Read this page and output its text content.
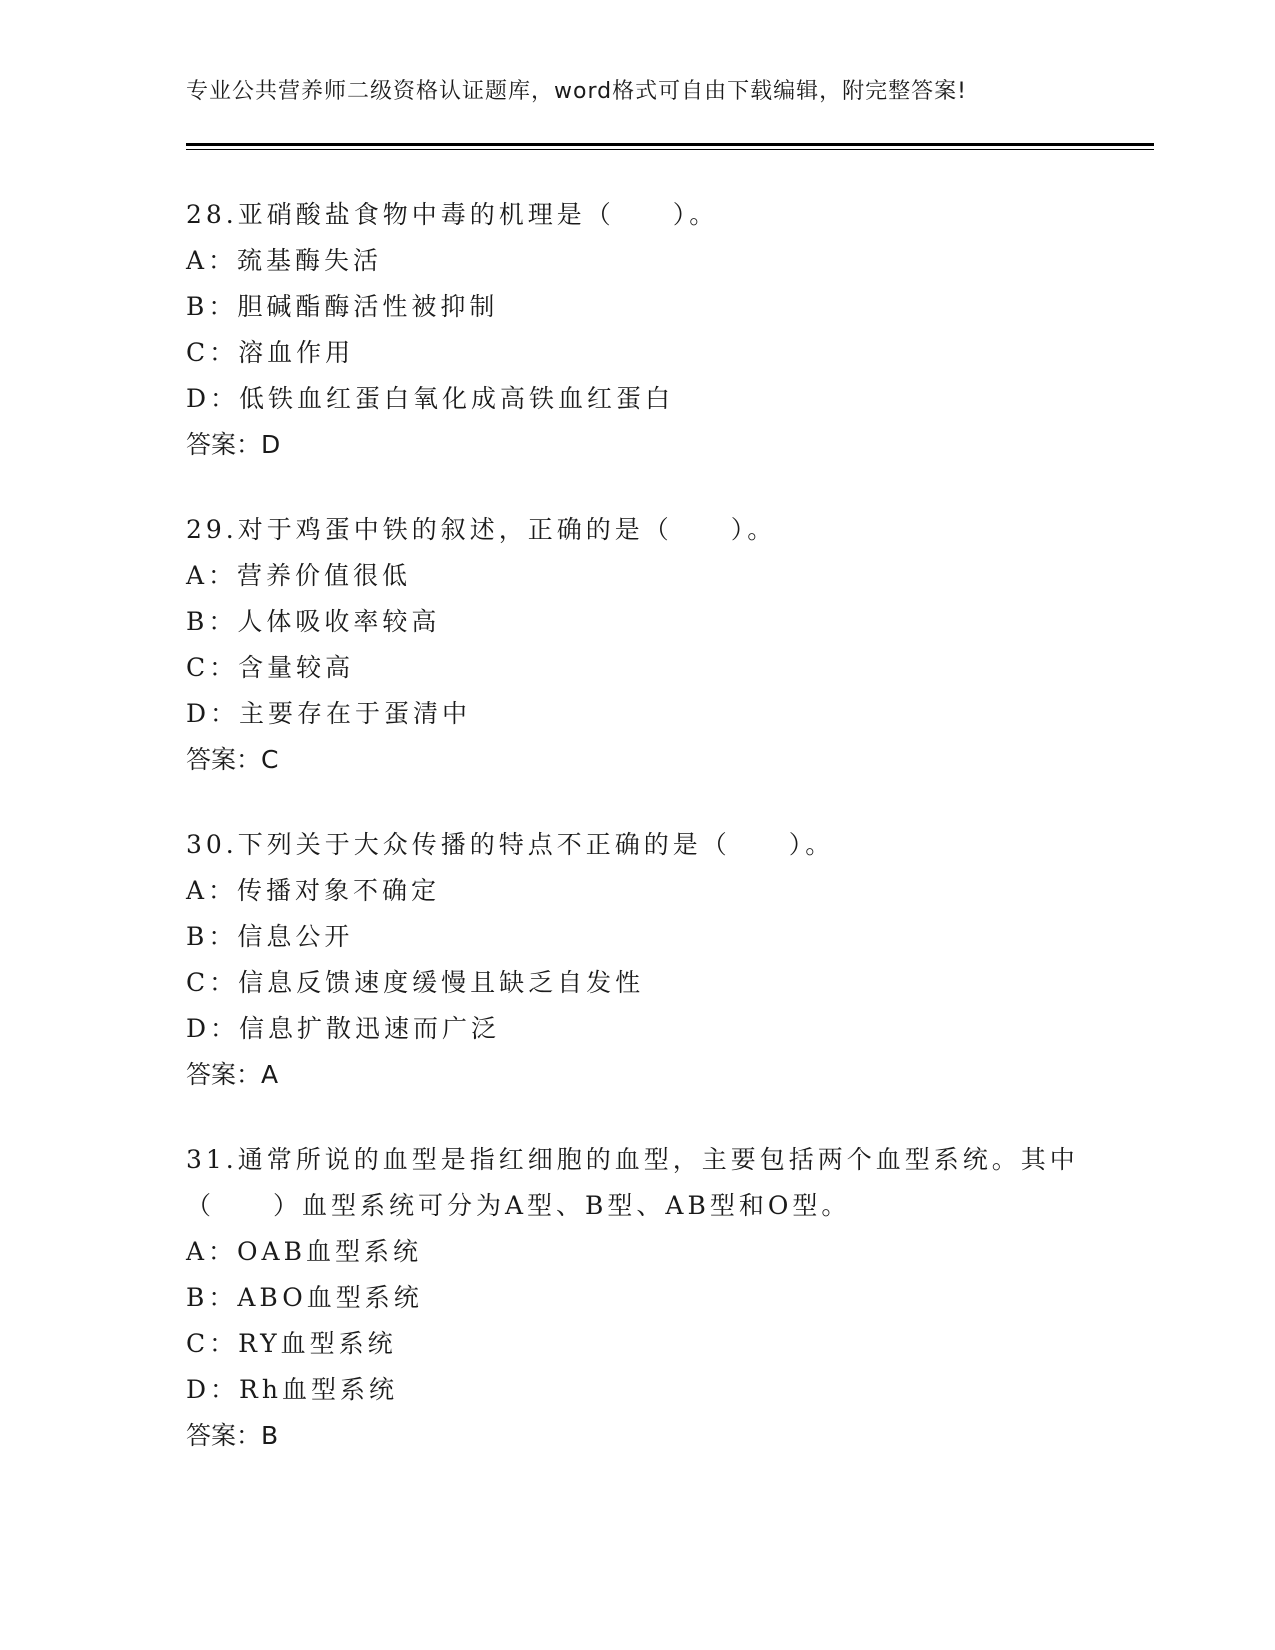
专业公共营养师二级资格认证题库，word格式可自由下载编辑，附完整答案!

28.亚硝酸盐食物中毒的机理是（　　）。

A：巯基酶失活

B：胆碱酯酶活性被抑制

C：溶血作用

D：低铁血红蛋白氧化成高铁血红蛋白

答案：D

29.对于鸡蛋中铁的叙述，正确的是（　　）。

A：营养价值很低

B：人体吸收率较高

C：含量较高

D：主要存在于蛋清中

答案：C

30.下列关于大众传播的特点不正确的是（　　）。

A：传播对象不确定

B：信息公开

C：信息反馈速度缓慢且缺乏自发性

D：信息扩散迅速而广泛

答案：A

31.通常所说的血型是指红细胞的血型，主要包括两个血型系统。其中（　　）血型系统可分为A型、B型、AB型和O型。

A：OAB血型系统

B：ABO血型系统

C：RY血型系统

D：Rh血型系统

答案：B
